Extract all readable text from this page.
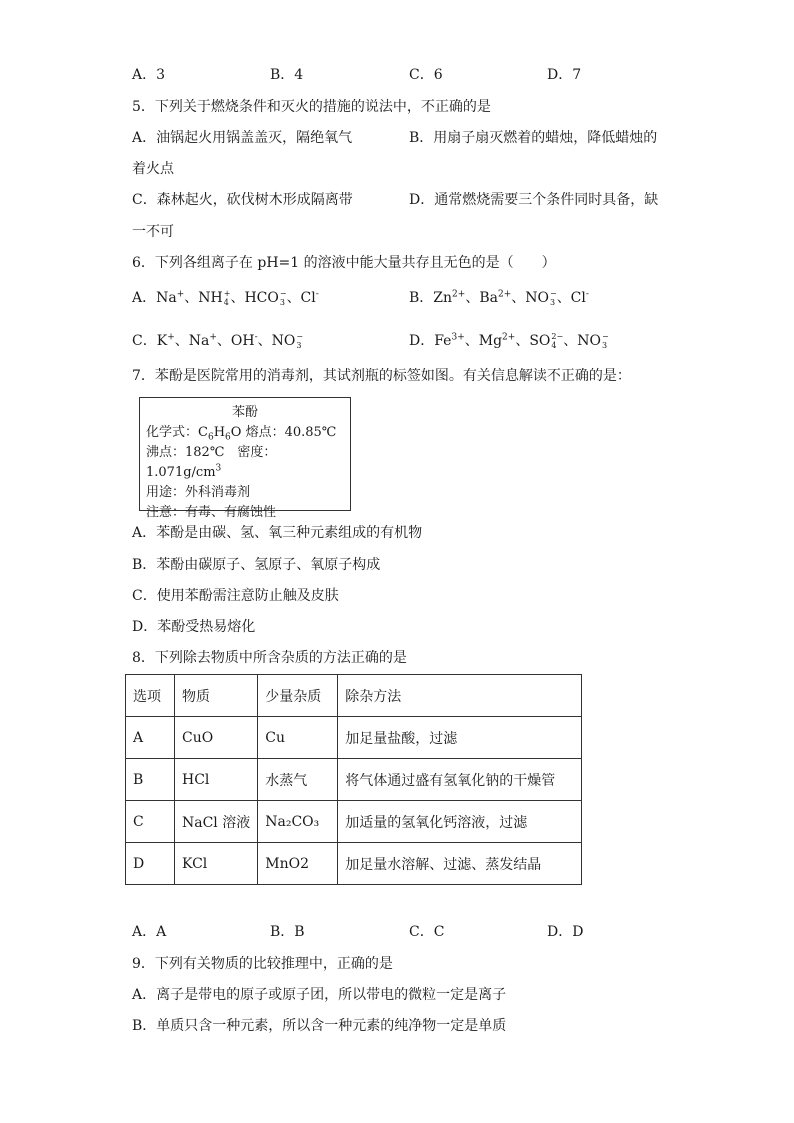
A．3	B．4	C．6	D．7
5．下列关于燃烧条件和灭火的措施的说法中，不正确的是
A．油锅起火用锅盖盖灭，隔绝氧气	B．用扇子扇灭燃着的蜡烛，降低蜡烛的
着火点
C．森林起火，砍伐树木形成隔离带	D．通常燃烧需要三个条件同时具备，缺
一不可
6．下列各组离子在 pH=1 的溶液中能大量共存且无色的是（　　）
A．Na+、NH +
4 、HCO −
3 、Cl-	B．$Zn^{2+}$、$Ba^{2+}$、NO −
3 、Cl-
C．K+、Na+、OH-、NO −
3	D．$Fe^{3+}$、$Mg^{2+}$、SO 2−
4 、NO −
3
7．苯酚是医院常用的消毒剂，其试剂瓶的标签如图。有关信息解读不正确的是：
苯酚
化学式：$C_6H_6O$ 熔点：40.85℃
沸点：182℃　 密度：$1.071g/cm^3$
用途：外科消毒剂
注意：有毒、有腐蚀性
A．苯酚是由碳、氢、氧三种元素组成的有机物
B．苯酚由碳原子、氢原子、氧原子构成
C．使用苯酚需注意防止触及皮肤
D．苯酚受热易熔化
8．下列除去物质中所含杂质的方法正确的是
选项	物质	少量杂质	除杂方法
A	CuO	Cu	加足量盐酸，过滤
B	HCl	水蒸气	将气体通过盛有氢氧化钠的干燥管
C	NaCl 溶液	Na₂CO₃	加适量的氢氧化钙溶液，过滤
D	KCl	MnO2	加足量水溶解、过滤、蒸发结晶
A．A	B．B	C．C	D．D
9．下列有关物质的比较推理中，正确的是
A．离子是带电的原子或原子团，所以带电的微粒一定是离子
B．单质只含一种元素，所以含一种元素的纯净物一定是单质
